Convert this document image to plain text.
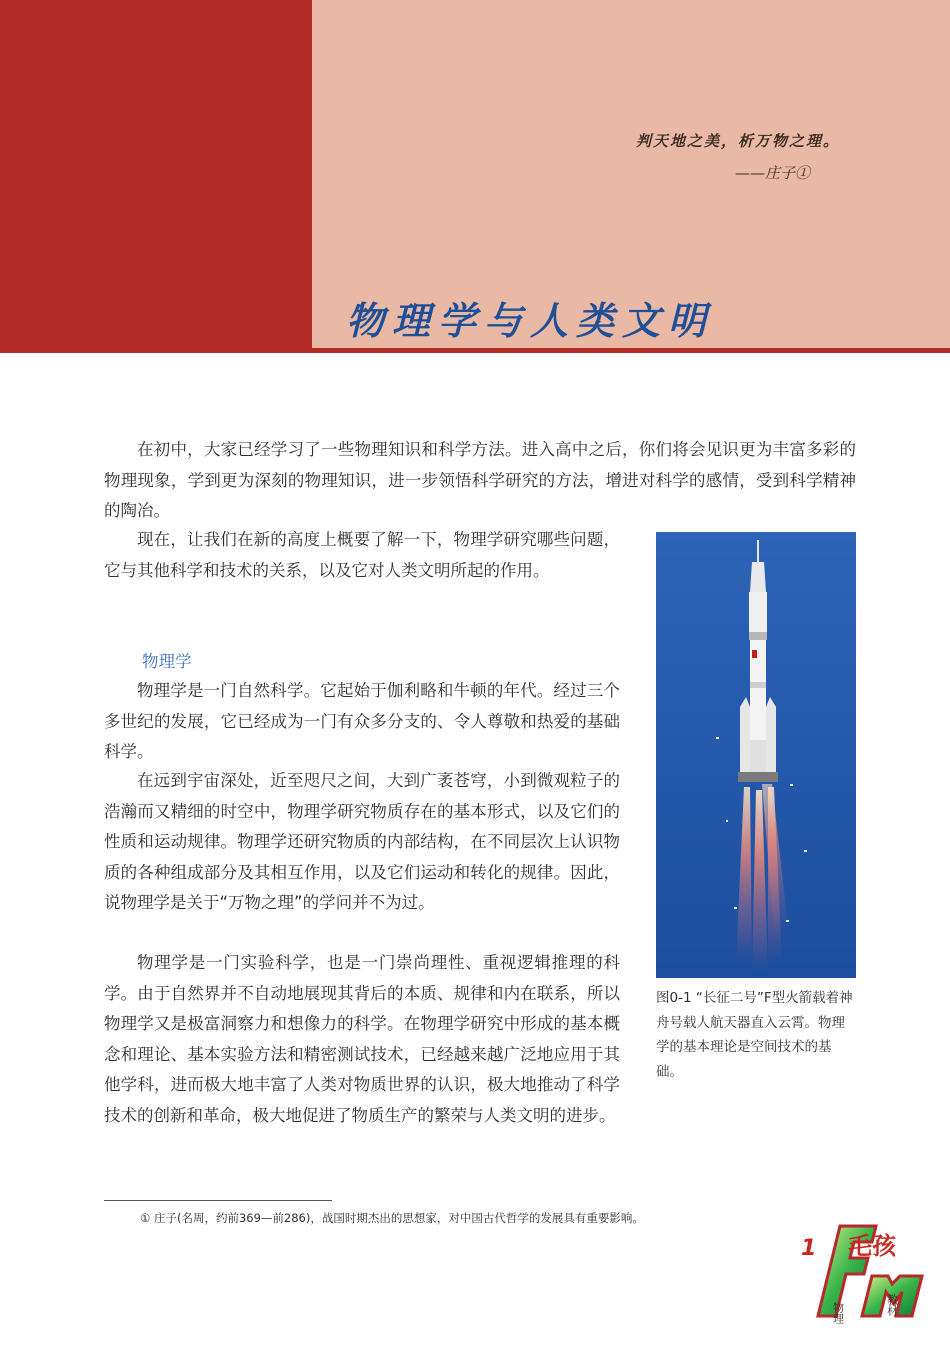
判天地之美，析万物之理。
——庄子①
物理学与人类文明

在初中，大家已经学习了一些物理知识和科学方法。进入高中之后，你们将会见识更为丰富多彩的物理现象，学到更为深刻的物理知识，进一步领悟科学研究的方法，增进对科学的感情，受到科学精神的陶冶。

现在，让我们在新的高度上概要了解一下，物理学研究哪些问题，它与其他科学和技术的关系，以及它对人类文明所起的作用。

物理学

物理学是一门自然科学。它起始于伽利略和牛顿的年代。经过三个多世纪的发展，它已经成为一门有众多分支的、令人尊敬和热爱的基础科学。

在远到宇宙深处，近至咫尺之间，大到广袤苍穹，小到微观粒子的浩瀚而又精细的时空中，物理学研究物质存在的基本形式，以及它们的性质和运动规律。物理学还研究物质的内部结构，在不同层次上认识物质的各种组成部分及其相互作用，以及它们运动和转化的规律。因此，说物理学是关于“万物之理”的学问并不为过。

物理学是一门实验科学，也是一门崇尚理性、重视逻辑推理的科学。由于自然界并不自动地展现其背后的本质、规律和内在联系，所以物理学又是极富洞察力和想像力的科学。在物理学研究中形成的基本概念和理论、基本实验方法和精密测试技术，已经越来越广泛地应用于其他学科，进而极大地丰富了人类对物质世界的认识，极大地推动了科学技术的创新和革命，极大地促进了物质生产的繁荣与人类文明的进步。

图0-1 “长征二号”F型火箭载着神舟号载人航天器直入云霄。物理学的基本理论是空间技术的基础。

① 庄子(名周，约前369—前286)，战国时期杰出的思想家，对中国古代哲学的发展具有重要影响。
1 毛孩
物理	教材
